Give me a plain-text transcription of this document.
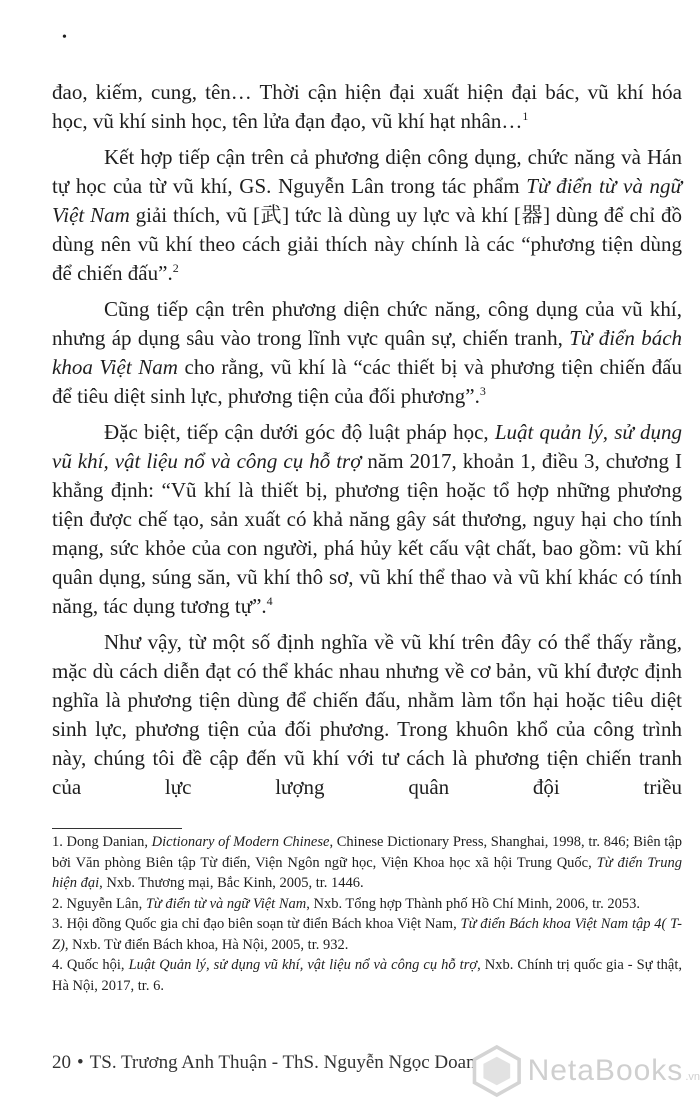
•

đao, kiếm, cung, tên… Thời cận hiện đại xuất hiện đại bác, vũ khí hóa học, vũ khí sinh học, tên lửa đạn đạo, vũ khí hạt nhân…$^1$

Kết hợp tiếp cận trên cả phương diện công dụng, chức năng và Hán tự học của từ vũ khí, GS. Nguyễn Lân trong tác phẩm Từ điển từ và ngữ Việt Nam giải thích, vũ [武] tức là dùng uy lực và khí [器] dùng để chỉ đồ dùng nên vũ khí theo cách giải thích này chính là các “phương tiện dùng để chiến đấu”.$^2$

Cũng tiếp cận trên phương diện chức năng, công dụng của vũ khí, nhưng áp dụng sâu vào trong lĩnh vực quân sự, chiến tranh, Từ điển bách khoa Việt Nam cho rằng, vũ khí là “các thiết bị và phương tiện chiến đấu để tiêu diệt sinh lực, phương tiện của đối phương”.$^3$

Đặc biệt, tiếp cận dưới góc độ luật pháp học, Luật quản lý, sử dụng vũ khí, vật liệu nổ và công cụ hỗ trợ năm 2017, khoản 1, điều 3, chương I khẳng định: “Vũ khí là thiết bị, phương tiện hoặc tổ hợp những phương tiện được chế tạo, sản xuất có khả năng gây sát thương, nguy hại cho tính mạng, sức khỏe của con người, phá hủy kết cấu vật chất, bao gồm: vũ khí quân dụng, súng săn, vũ khí thô sơ, vũ khí thể thao và vũ khí khác có tính năng, tác dụng tương tự”.$^4$

Như vậy, từ một số định nghĩa về vũ khí trên đây có thể thấy rằng, mặc dù cách diễn đạt có thể khác nhau nhưng về cơ bản, vũ khí được định nghĩa là phương tiện dùng để chiến đấu, nhằm làm tổn hại hoặc tiêu diệt sinh lực, phương tiện của đối phương. Trong khuôn khổ của công trình này, chúng tôi đề cập đến vũ khí với tư cách là phương tiện chiến tranh của lực lượng quân đội triều

1. Dong Danian, Dictionary of Modern Chinese, Chinese Dictionary Press, Shanghai, 1998, tr. 846; Biên tập bởi Văn phòng Biên tập Từ điển, Viện Ngôn ngữ học, Viện Khoa học xã hội Trung Quốc, Từ điển Trung hiện đại, Nxb. Thương mại, Bắc Kinh, 2005, tr. 1446.

2. Nguyễn Lân, Từ điển từ và ngữ Việt Nam, Nxb. Tổng hợp Thành phố Hồ Chí Minh, 2006, tr. 2053.

3. Hội đồng Quốc gia chỉ đạo biên soạn từ điển Bách khoa Việt Nam, Từ điển Bách khoa Việt Nam tập 4( T-Z), Nxb. Từ điển Bách khoa, Hà Nội, 2005, tr. 932.

4. Quốc hội, Luật Quản lý, sử dụng vũ khí, vật liệu nổ và công cụ hỗ trợ, Nxb. Chính trị quốc gia - Sự thật, Hà Nội, 2017, tr. 6.

20 • TS. Trương Anh Thuận - ThS. Nguyễn Ngọc Doan NetaBooks .vn
